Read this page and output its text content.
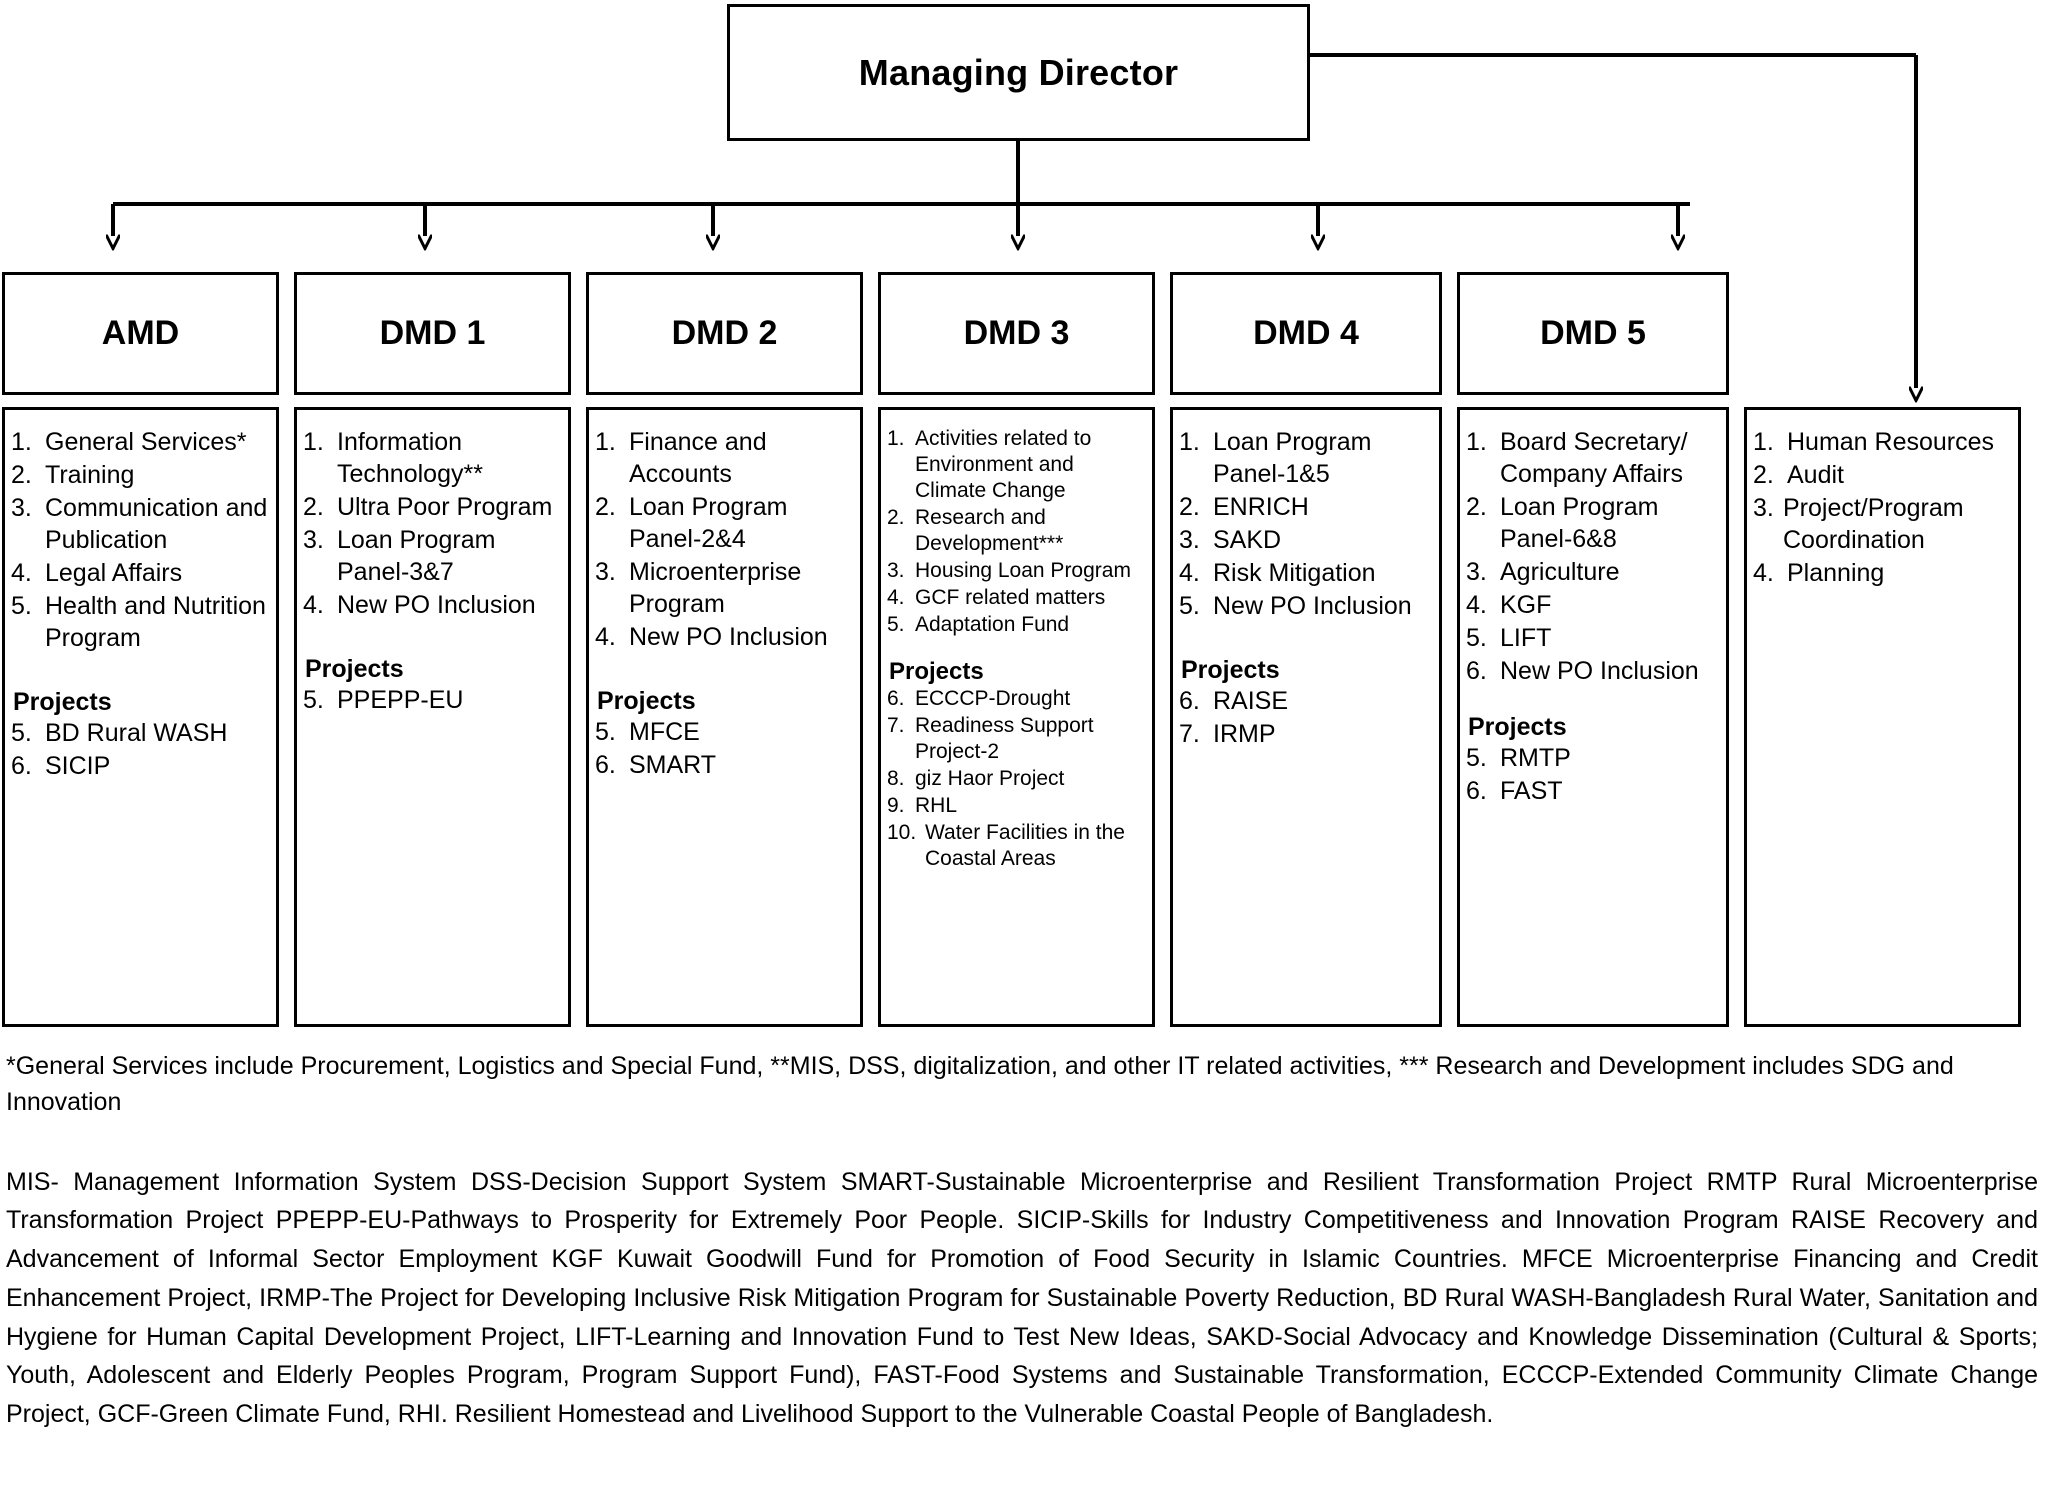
Managing Director
AMD
1. General Services*
2. Training
3. Communication and Publication
4. Legal Affairs
5. Health and Nutrition Program
Projects
5. BD Rural WASH
6. SICIP
DMD 1
1. Information Technology**
2. Ultra Poor Program
3. Loan Program Panel-3&7
4. New PO Inclusion
Projects
5. PPEPP-EU
DMD 2
1. Finance and Accounts
2. Loan Program Panel-2&4
3. Microenterprise Program
4. New PO Inclusion
Projects
5. MFCE
6. SMART
DMD 3
1. Activities related to Environment and Climate Change
2. Research and Development***
3. Housing Loan Program
4. GCF related matters
5. Adaptation Fund
Projects
6. ECCCP-Drought
7. Readiness Support Project-2
8. giz Haor Project
9. RHL
10. Water Facilities in the Coastal Areas
DMD 4
1. Loan Program Panel-1&5
2. ENRICH
3. SAKD
4. Risk Mitigation
5. New PO Inclusion
Projects
6. RAISE
7. IRMP
DMD 5
1. Board Secretary/ Company Affairs
2. Loan Program Panel-6&8
3. Agriculture
4. KGF
5. LIFT
6. New PO Inclusion
Projects
5. RMTP
6. FAST
1. Human Resources
2. Audit
3. Project/Program Coordination
4. Planning

*General Services include Procurement, Logistics and Special Fund, **MIS, DSS, digitalization, and other IT related activities, *** Research and Development includes SDG and Innovation

MIS- Management Information System DSS-Decision Support System SMART-Sustainable Microenterprise and Resilient Transformation Project RMTP Rural Microenterprise Transformation Project PPEPP-EU-Pathways to Prosperity for Extremely Poor People. SICIP-Skills for Industry Competitiveness and Innovation Program RAISE Recovery and Advancement of Informal Sector Employment KGF Kuwait Goodwill Fund for Promotion of Food Security in Islamic Countries. MFCE Microenterprise Financing and Credit Enhancement Project, IRMP-The Project for Developing Inclusive Risk Mitigation Program for Sustainable Poverty Reduction, BD Rural WASH-Bangladesh Rural Water, Sanitation and Hygiene for Human Capital Development Project, LIFT-Learning and Innovation Fund to Test New Ideas, SAKD-Social Advocacy and Knowledge Dissemination (Cultural & Sports; Youth, Adolescent and Elderly Peoples Program, Program Support Fund), FAST-Food Systems and Sustainable Transformation, ECCCP-Extended Community Climate Change Project, GCF-Green Climate Fund, RHI. Resilient Homestead and Livelihood Support to the Vulnerable Coastal People of Bangladesh.
